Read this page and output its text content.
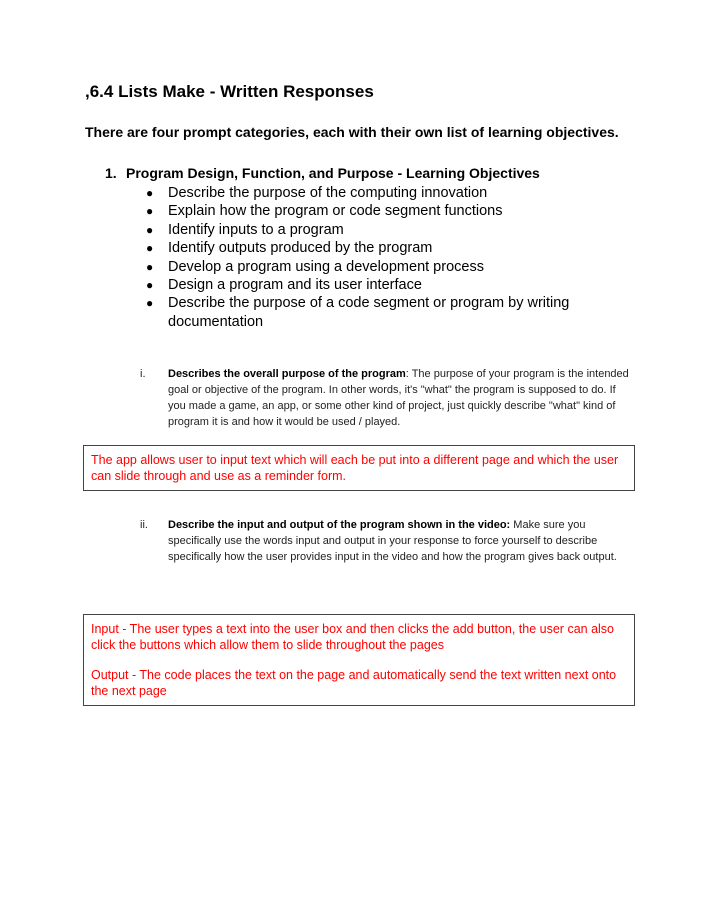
,6.4 Lists Make - Written Responses
There are four prompt categories, each with their own list of learning objectives.
1. Program Design, Function, and Purpose - Learning Objectives
● Describe the purpose of the computing innovation
● Explain how the program or code segment functions
● Identify inputs to a program
● Identify outputs produced by the program
● Develop a program using a development process
● Design a program and its user interface
● Describe the purpose of a code segment or program by writing documentation
i. Describes the overall purpose of the program: The purpose of your program is the intended goal or objective of the program. In other words, it's "what" the program is supposed to do. If you made a game, an app, or some other kind of project, just quickly describe "what" kind of program it is and how it would be used / played.
The app allows user to input text which will each be put into a different page and which the user can slide through and use as a reminder form.
ii. Describe the input and output of the program shown in the video: Make sure you specifically use the words input and output in your response to force yourself to describe specifically how the user provides input in the video and how the program gives back output.
Input - The user types a text into the user box and then clicks the add button, the user can also click the buttons which allow them to slide throughout the pages
Output - The code places the text on the page and automatically send the text written next onto the next page
